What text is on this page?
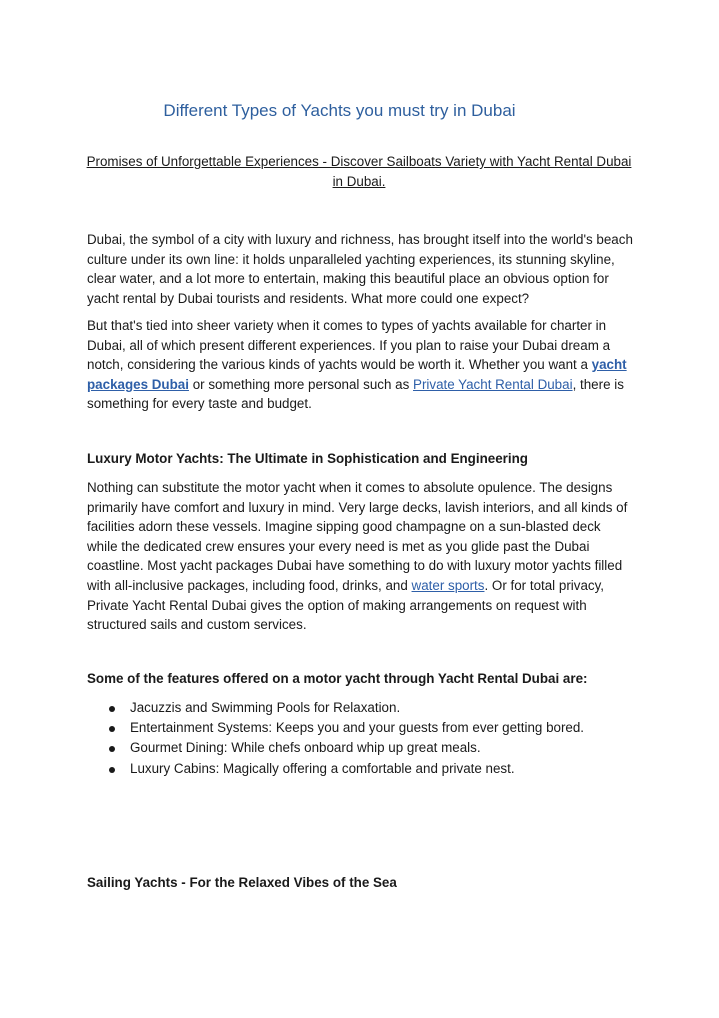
Different Types of Yachts you must try in Dubai

Promises of Unforgettable Experiences - Discover Sailboats Variety with Yacht Rental Dubai in Dubai.

Dubai, the symbol of a city with luxury and richness, has brought itself into the world's beach culture under its own line: it holds unparalleled yachting experiences, its stunning skyline, clear water, and a lot more to entertain, making this beautiful place an obvious option for yacht rental by Dubai tourists and residents. What more could one expect?

But that's tied into sheer variety when it comes to types of yachts available for charter in Dubai, all of which present different experiences. If you plan to raise your Dubai dream a notch, considering the various kinds of yachts would be worth it. Whether you want a yacht packages Dubai or something more personal such as Private Yacht Rental Dubai, there is something for every taste and budget.

Luxury Motor Yachts: The Ultimate in Sophistication and Engineering

Nothing can substitute the motor yacht when it comes to absolute opulence. The designs primarily have comfort and luxury in mind. Very large decks, lavish interiors, and all kinds of facilities adorn these vessels. Imagine sipping good champagne on a sun-blasted deck while the dedicated crew ensures your every need is met as you glide past the Dubai coastline. Most yacht packages Dubai have something to do with luxury motor yachts filled with all-inclusive packages, including food, drinks, and water sports. Or for total privacy, Private Yacht Rental Dubai gives the option of making arrangements on request with structured sails and custom services.

Some of the features offered on a motor yacht through Yacht Rental Dubai are:
Jacuzzis and Swimming Pools for Relaxation.
Entertainment Systems: Keeps you and your guests from ever getting bored.
Gourmet Dining: While chefs onboard whip up great meals.
Luxury Cabins: Magically offering a comfortable and private nest.
Sailing Yachts - For the Relaxed Vibes of the Sea
